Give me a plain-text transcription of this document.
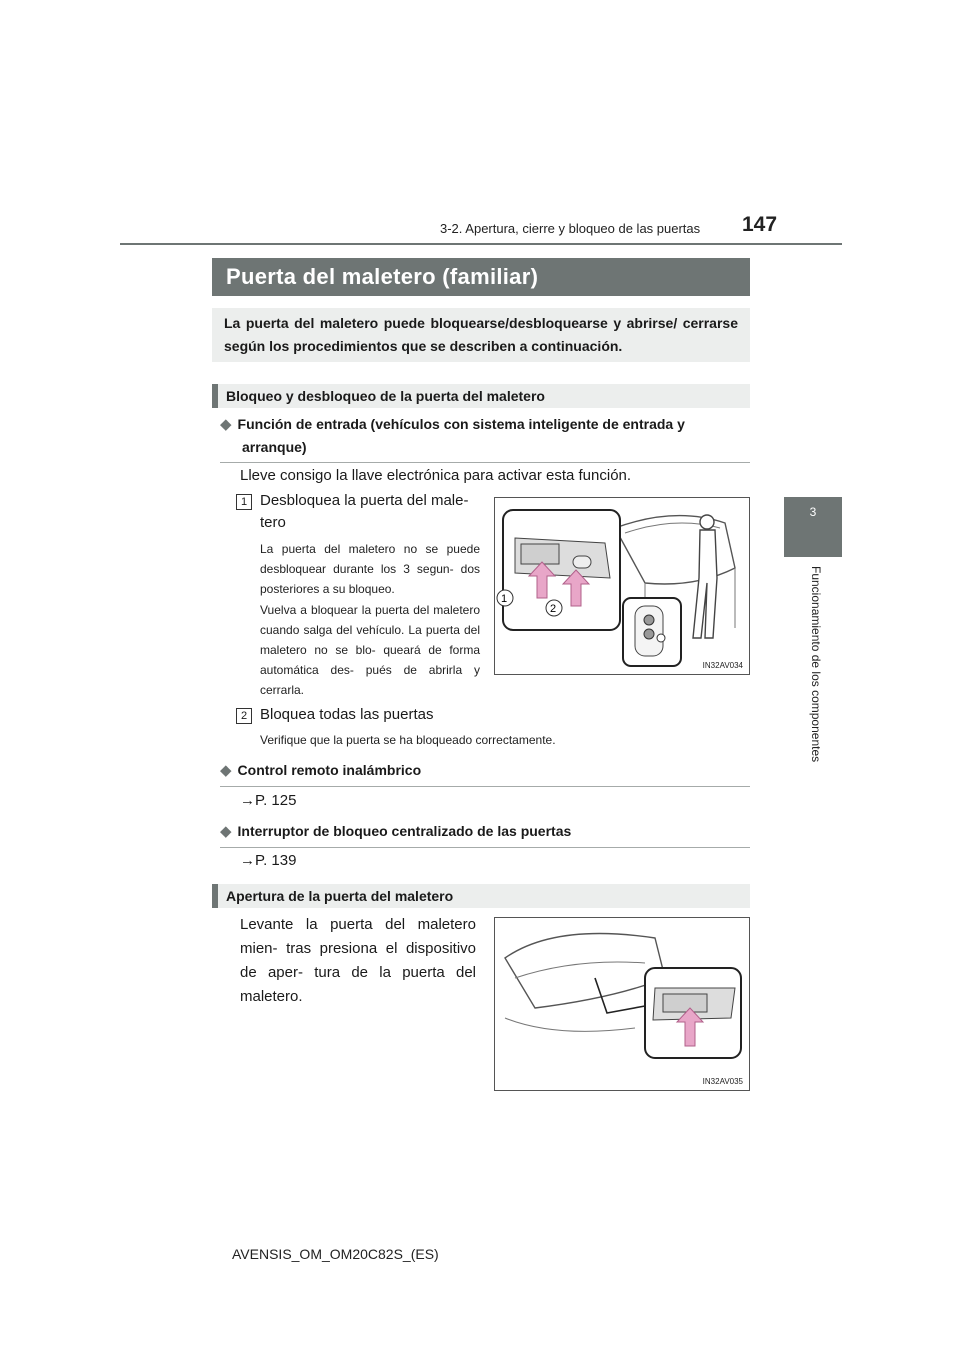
3-2. Apertura, cierre y bloqueo de las puertas 147
3
Funcionamiento de los componentes
Puerta del maletero (familiar)
La puerta del maletero puede bloquearse/desbloquearse y abrirse/ cerrarse según los procedimientos que se describen a continuación.
Bloqueo y desbloqueo de la puerta del maletero
◆ Función de entrada (vehículos con sistema inteligente de entrada y
arranque)
Lleve consigo la llave electrónica para activar esta función.
1 Desbloquea la puerta del male-
tero
La puerta del maletero no se puede desbloquear durante los 3 segun- dos posteriores a su bloqueo.
Vuelva a bloquear la puerta del maletero cuando salga del vehículo. La puerta del maletero no se blo- queará de forma automática des- pués de abrirla y cerrarla.
1
2
IN32AV034
2 Bloquea todas las puertas
Verifique que la puerta se ha bloqueado correctamente.
◆ Control remoto inalámbrico
→P. 125
◆ Interruptor de bloqueo centralizado de las puertas
→P. 139
Apertura de la puerta del maletero
Levante la puerta del maletero mien- tras presiona el dispositivo de aper- tura de la puerta del maletero.
IN32AV035
AVENSIS_OM_OM20C82S_(ES)
